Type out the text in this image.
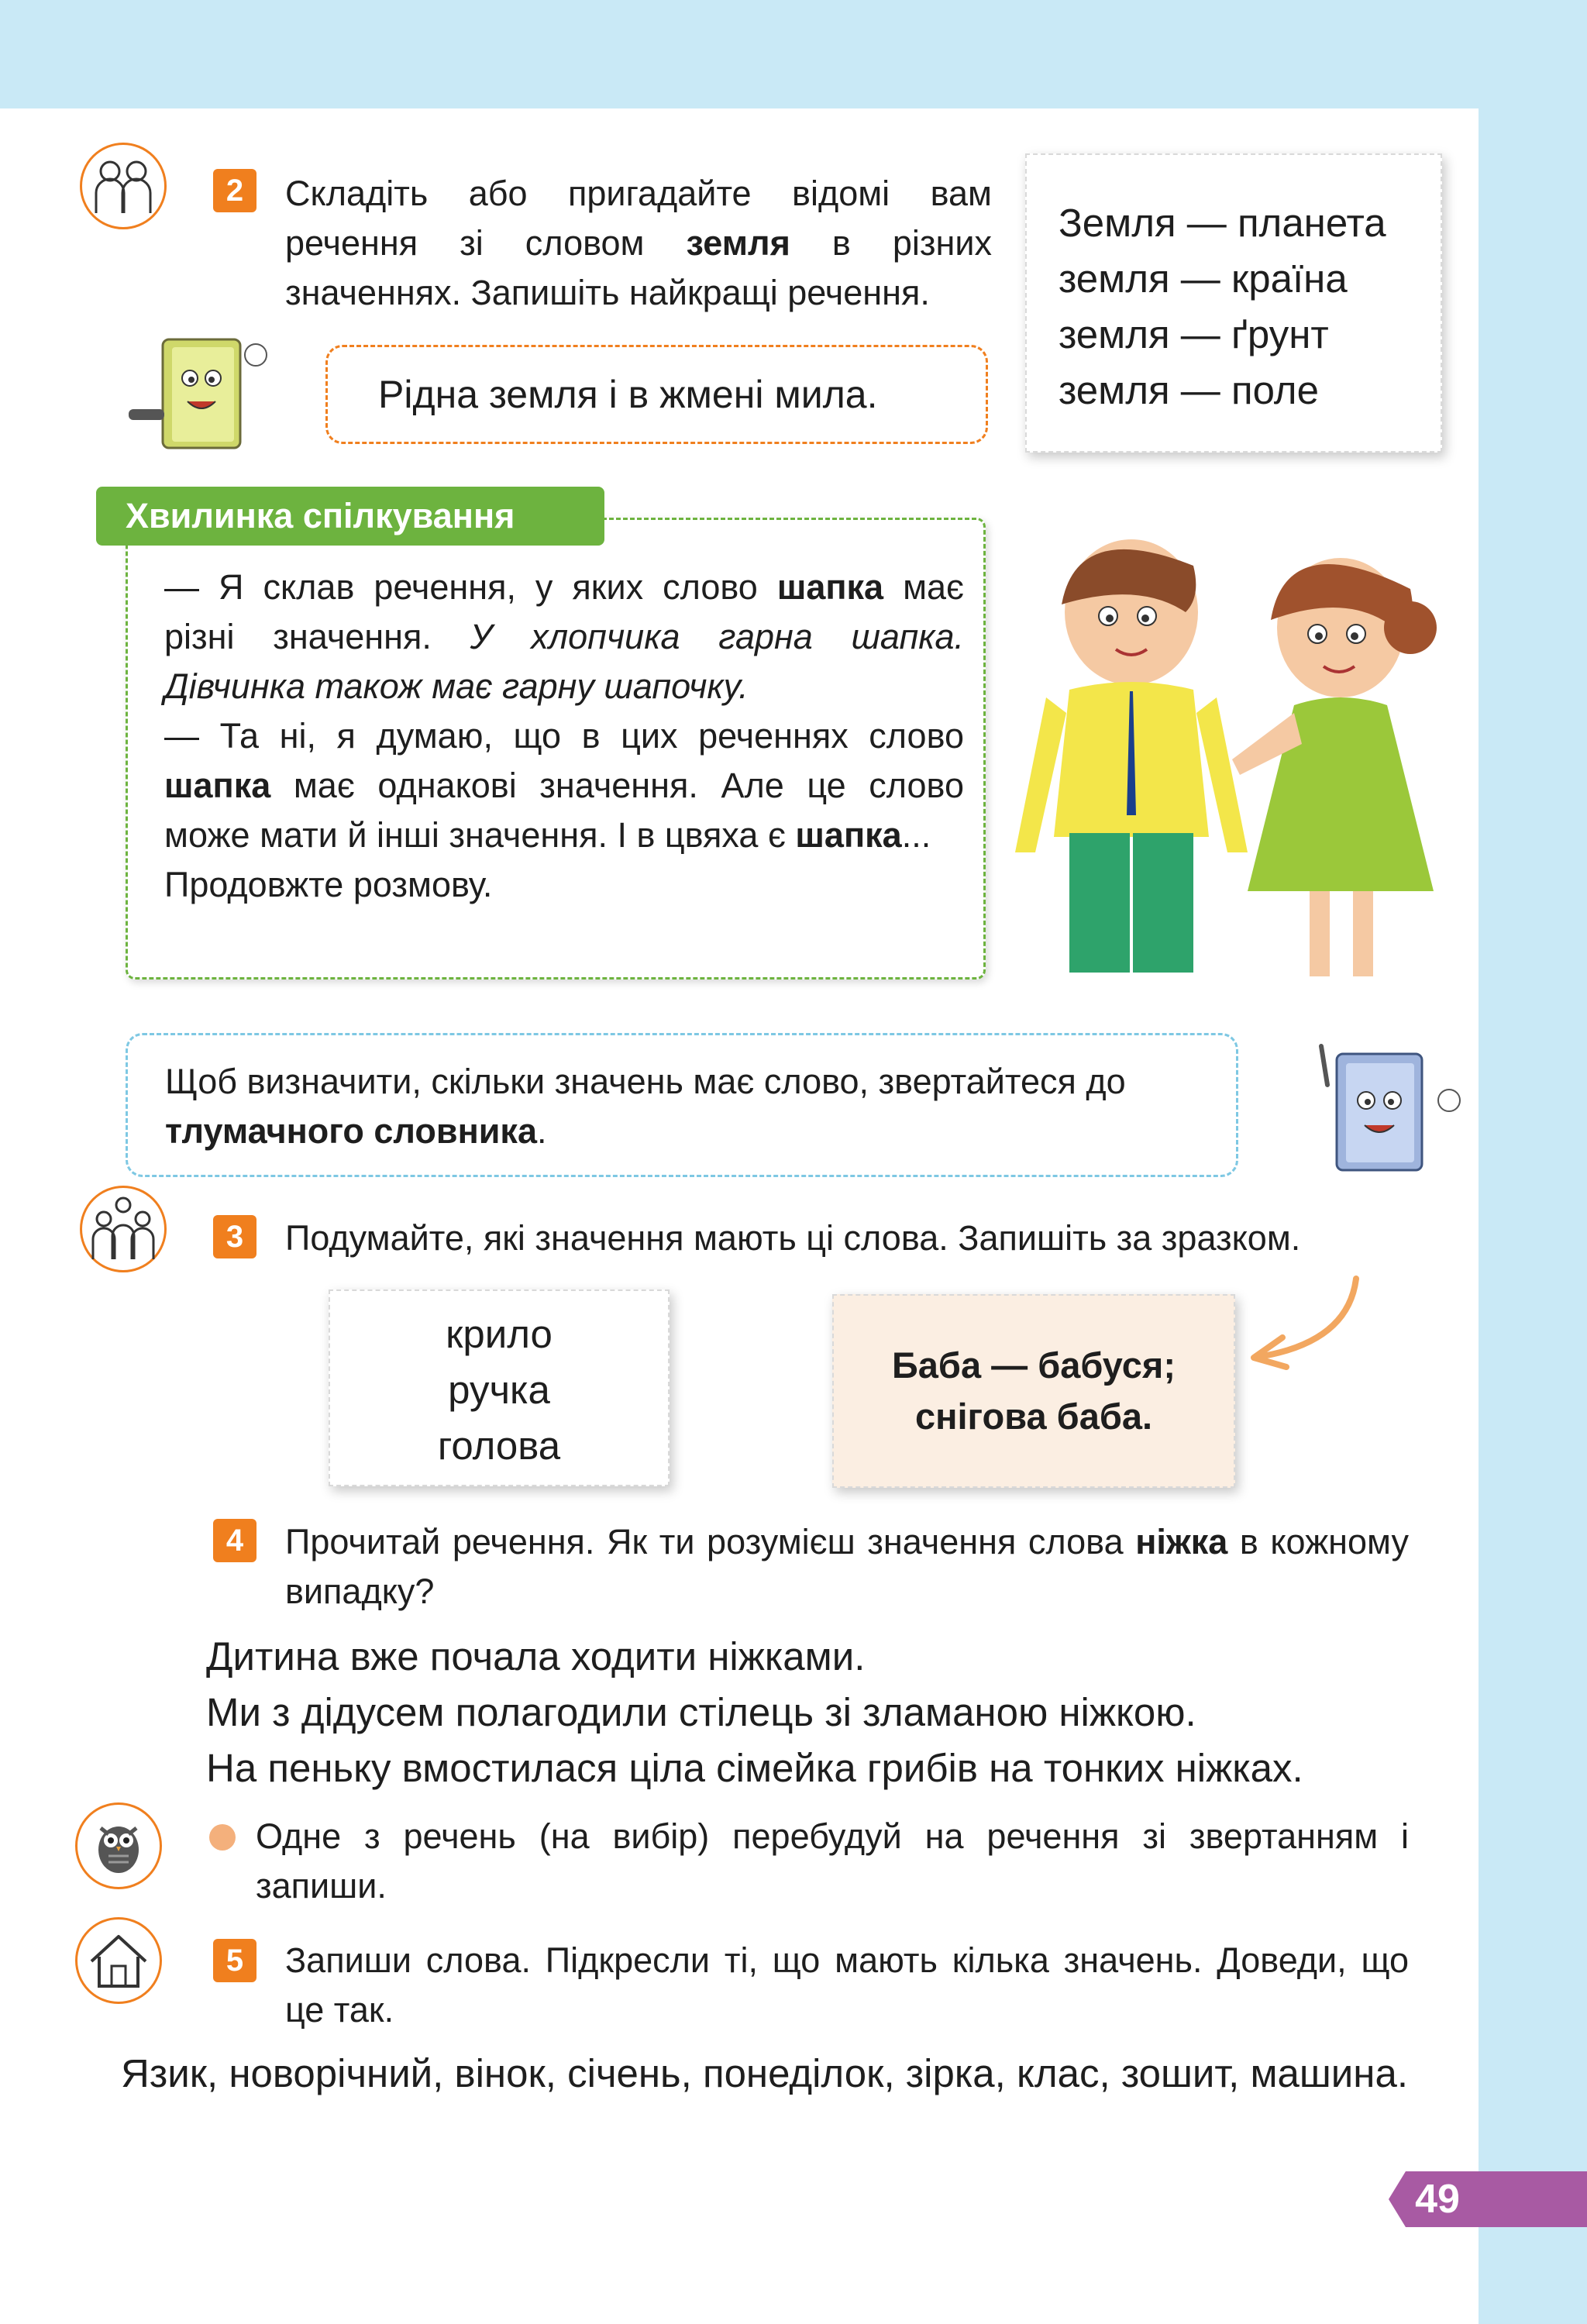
2	Складіть або пригадайте відомі вам речення зі словом земля в різних значеннях. Запишіть найкращі речення.
Рідна земля і в жмені мила.
Земля — планета
земля — країна
земля — ґрунт
земля — поле
Хвилинка спілкування
— Я склав речення, у яких слово шапка має різні значення. У хлопчика гарна шапка. Дівчинка також має гарну шапочку.
— Та ні, я думаю, що в цих реченнях слово шапка має однакові значення. Але це слово може мати й інші значення. І в цвяха є шапка...
Продовжте розмову.
Щоб визначити, скільки значень має слово, звертайтеся до тлумачного словника.
3	Подумайте, які значення мають ці слова. Запишіть за зразком.
крило
ручка
голова
Баба — бабуся;
снігова баба.
4	Прочитай речення. Як ти розумієш значення слова ніжка в кожному випадку?
Дитина вже почала ходити ніжками.
Ми з дідусем полагодили стілець зі зламаною ніжкою.
На пеньку вмостилася ціла сімейка грибів на тонких ніжках.
Одне з речень (на вибір) перебудуй на речення зі звертанням і запиши.
5	Запиши слова. Підкресли ті, що мають кілька значень. Доведи, що це так.
Язик, новорічний, вінок, січень, понеділок, зірка, клас, зошит, машина.
49
